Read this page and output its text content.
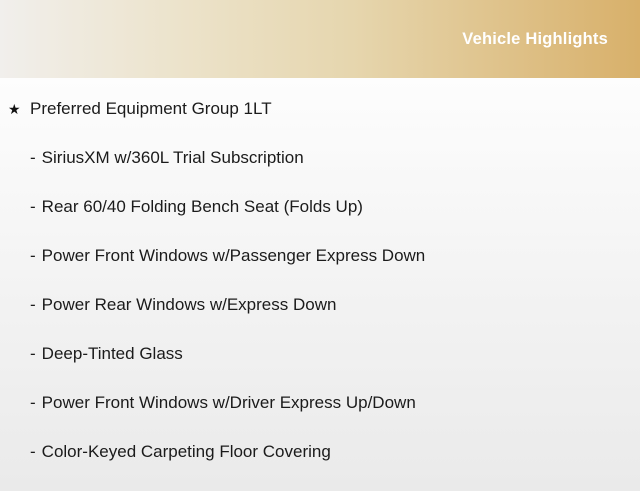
Vehicle Highlights
★ Preferred Equipment Group 1LT
- SiriusXM w/360L Trial Subscription
- Rear 60/40 Folding Bench Seat (Folds Up)
- Power Front Windows w/Passenger Express Down
- Power Rear Windows w/Express Down
- Deep-Tinted Glass
- Power Front Windows w/Driver Express Up/Down
- Color-Keyed Carpeting Floor Covering
